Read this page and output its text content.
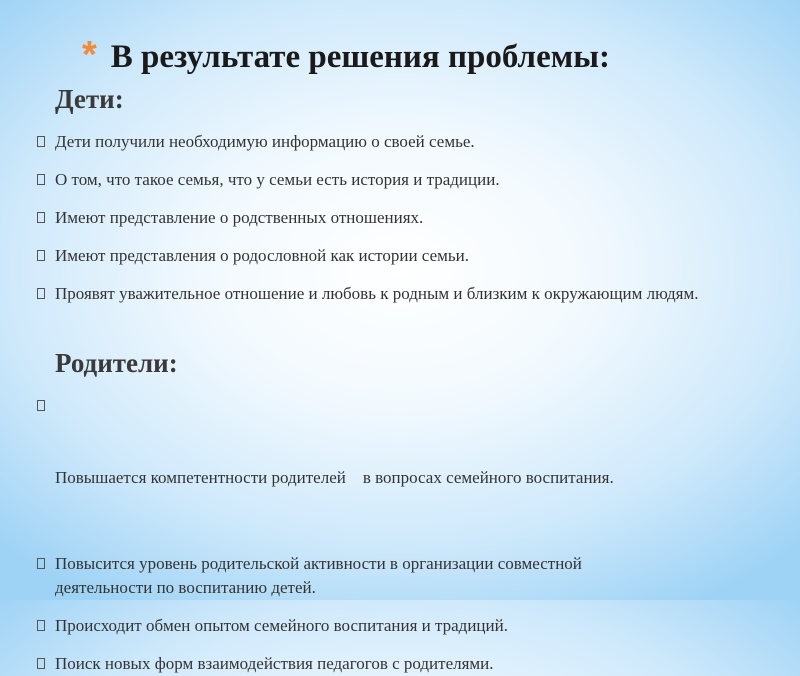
* В результате решения проблемы:
Дети:
Дети получили необходимую информацию о своей семье.
О том, что такое семья, что у семьи есть история и традиции.
Имеют представление о родственных отношениях.
Имеют представления о родословной как истории семьи.
Проявят уважительное отношение и любовь к родным и близким к окружающим людям.
Родители:

Повышается компетентности родителей    в вопросах семейного воспитания.

Повысится уровень родительской активности в организации совместной деятельности по воспитанию детей.
Происходит обмен опытом семейного воспитания и традиций.
Поиск новых форм взаимодействия педагогов с родителями.
